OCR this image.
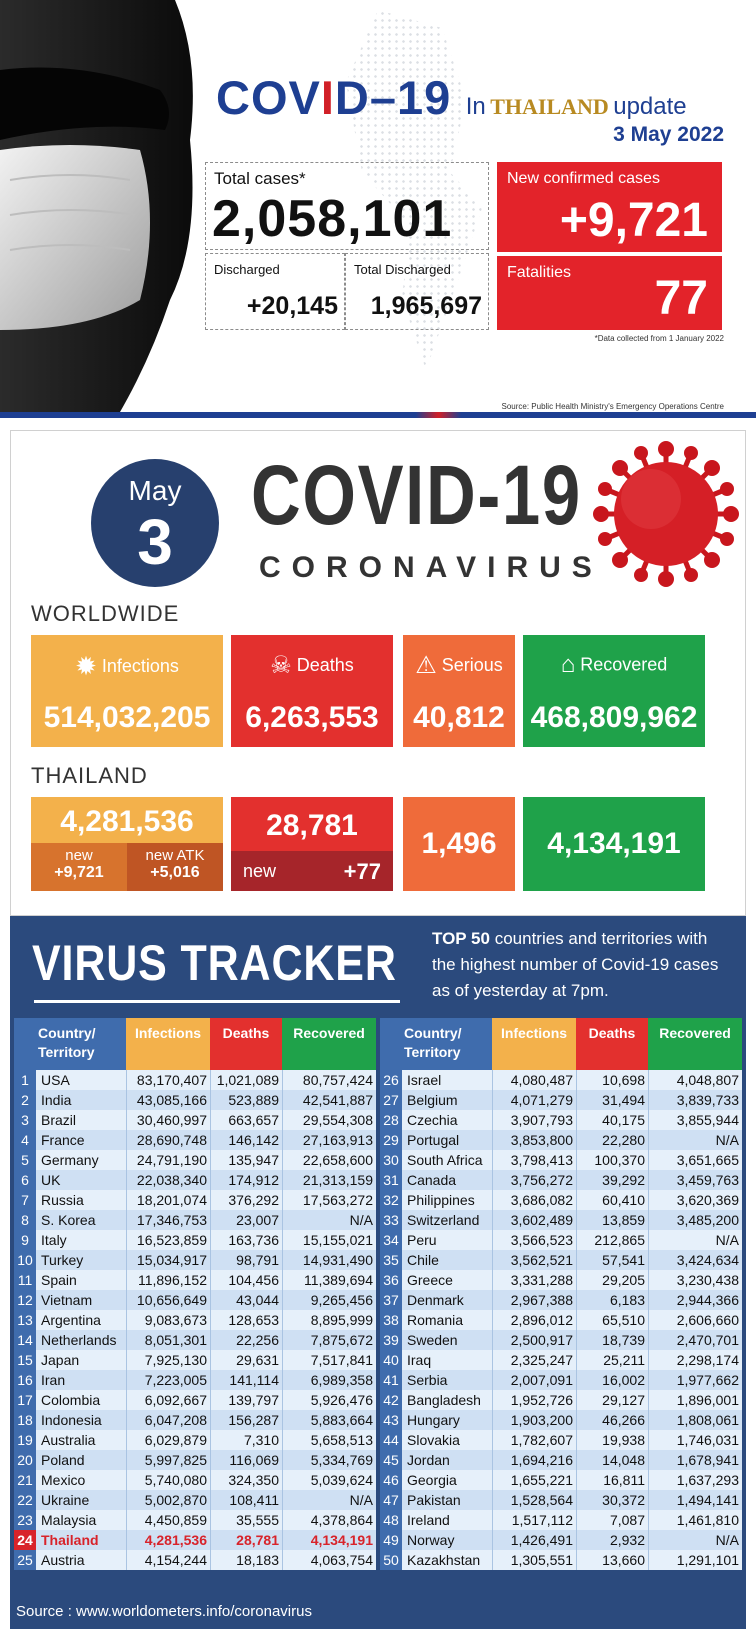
COVID–19 In THAILAND update
3 May 2022
Total cases*
2,058,101
Discharged
+20,145
Total Discharged
1,965,697
New confirmed cases
+9,721
Fatalities 77
*Data collected from 1 January 2022
Source: Public Health Ministry's Emergency Operations Centre
May
3 COVID-19
CORONAVIRUS
WORLDWIDE
✹ Infections
514,032,205
☠ Deaths
6,263,553
⚠ Serious
40,812
⌂ Recovered
468,809,962
THAILAND
4,281,536
new
+9,721
new ATK
+5,016
28,781
new	+77
1,496	4,134,191
VIRUS TRACKER TOP 50 countries and territories with the highest number of Covid-19 cases as of yesterday at 7pm.
Country/ Territory
Infections	Deaths	Recovered
1 USA	83,170,407 1,021,089	80,757,424
2 India	43,085,166	523,889	42,541,887
3 Brazil	30,460,997	663,657	29,554,308
4 France	28,690,748	146,142	27,163,913
5 Germany	24,791,190	135,947	22,658,600
6 UK	22,038,340	174,912	21,313,159
7 Russia	18,201,074	376,292	17,563,272
8 S. Korea	17,346,753	23,007	N/A
9 Italy	16,523,859	163,736	15,155,021
10 Turkey	15,034,917	98,791	14,931,490
11 Spain	11,896,152	104,456	11,389,694
12 Vietnam	10,656,649	43,044	9,265,456
13 Argentina	9,083,673	128,653	8,895,999
14 Netherlands	8,051,301	22,256	7,875,672
15 Japan	7,925,130	29,631	7,517,841
16 Iran	7,223,005	141,114	6,989,358
17 Colombia	6,092,667	139,797	5,926,476
18 Indonesia	6,047,208	156,287	5,883,664
19 Australia	6,029,879	7,310	5,658,513
20 Poland	5,997,825	116,069	5,334,769
21 Mexico	5,740,080	324,350	5,039,624
22 Ukraine	5,002,870	108,411	N/A
23 Malaysia	4,450,859	35,555	4,378,864
24 Thailand	4,281,536	28,781	4,134,191
25 Austria	4,154,244	18,183	4,063,754
Country/ Territory
Infections	Deaths	Recovered
26 Israel	4,080,487	10,698	4,048,807
27 Belgium	4,071,279	31,494	3,839,733
28 Czechia	3,907,793	40,175	3,855,944
29 Portugal	3,853,800	22,280	N/A
30 South Africa	3,798,413	100,370	3,651,665
31 Canada	3,756,272	39,292	3,459,763
32 Philippines	3,686,082	60,410	3,620,369
33 Switzerland	3,602,489	13,859	3,485,200
34 Peru	3,566,523	212,865	N/A
35 Chile	3,562,521	57,541	3,424,634
36 Greece	3,331,288	29,205	3,230,438
37 Denmark	2,967,388	6,183	2,944,366
38 Romania	2,896,012	65,510	2,606,660
39 Sweden	2,500,917	18,739	2,470,701
40 Iraq	2,325,247	25,211	2,298,174
41 Serbia	2,007,091	16,002	1,977,662
42 Bangladesh	1,952,726	29,127	1,896,001
43 Hungary	1,903,200	46,266	1,808,061
44 Slovakia	1,782,607	19,938	1,746,031
45 Jordan	1,694,216	14,048	1,678,941
46 Georgia	1,655,221	16,811	1,637,293
47 Pakistan	1,528,564	30,372	1,494,141
48 Ireland	1,517,112	7,087	1,461,810
49 Norway	1,426,491	2,932	N/A
50 Kazakhstan	1,305,551	13,660	1,291,101
Source : www.worldometers.info/coronavirus
